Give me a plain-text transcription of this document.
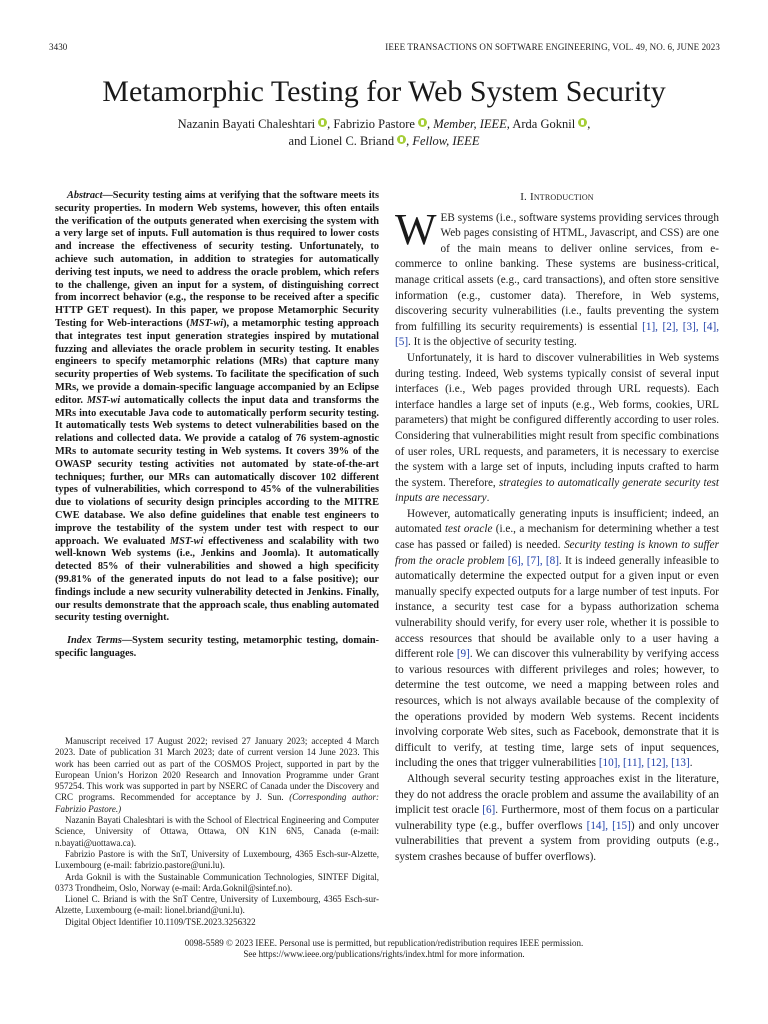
3430	IEEE TRANSACTIONS ON SOFTWARE ENGINEERING, VOL. 49, NO. 6, JUNE 2023
Metamorphic Testing for Web System Security
Nazanin Bayati Chaleshtari , Fabrizio Pastore , Member, IEEE, Arda Goknil ,
and Lionel C. Briand , Fellow, IEEE

Abstract—Security testing aims at verifying that the software meets its security properties. In modern Web systems, however, this often entails the verification of the outputs generated when exercising the system with a very large set of inputs. Full automation is thus required to lower costs and increase the effectiveness of security testing. Unfortunately, to achieve such automation, in addition to strategies for automatically deriving test inputs, we need to address the oracle problem, which refers to the challenge, given an input for a system, of distinguishing correct from incorrect behavior (e.g., the response to be received after a specific HTTP GET request). In this paper, we propose Metamorphic Security Testing for Web-interactions (MST-wi), a metamorphic testing approach that integrates test input generation strategies inspired by mutational fuzzing and alleviates the oracle problem in security testing. It enables engineers to specify metamorphic relations (MRs) that capture many security properties of Web systems. To facilitate the specification of such MRs, we provide a domain-specific language accompanied by an Eclipse editor. MST-wi automatically collects the input data and transforms the MRs into executable Java code to automatically perform security testing. It automatically tests Web systems to detect vulnerabilities based on the relations and collected data. We provide a catalog of 76 system-agnostic MRs to automate security testing in Web systems. It covers 39% of the OWASP security testing activities not automated by state-of-the-art techniques; further, our MRs can automatically discover 102 different types of vulnerabilities, which correspond to 45% of the vulnerabilities due to violations of security design principles according to the MITRE CWE database. We also define guidelines that enable test engineers to improve the testability of the system under test with respect to our approach. We evaluated MST-wi effectiveness and scalability with two well-known Web systems (i.e., Jenkins and Joomla). It automatically detected 85% of their vulnerabilities and showed a high specificity (99.81% of the generated inputs do not lead to a false positive); our findings include a new security vulnerability detected in Jenkins. Finally, our results demonstrate that the approach scale, thus enabling automated security testing overnight.

Index Terms—System security testing, metamorphic testing, domain-specific languages.

Manuscript received 17 August 2022; revised 27 January 2023; accepted 4 March 2023. Date of publication 31 March 2023; date of current version 14 June 2023. This work has been carried out as part of the COSMOS Project, supported in part by the European Union’s Horizon 2020 Research and Innovation Programme under Grant 957254. This work was supported in part by NSERC of Canada under the Discovery and CRC programs. Recommended for acceptance by J. Sun. (Corresponding author: Fabrizio Pastore.)

Nazanin Bayati Chaleshtari is with the School of Electrical Engineering and Computer Science, University of Ottawa, Ottawa, ON K1N 6N5, Canada (e-mail: n.bayati@uottawa.ca).

Fabrizio Pastore is with the SnT, University of Luxembourg, 4365 Esch-sur-Alzette, Luxembourg (e-mail: fabrizio.pastore@uni.lu).

Arda Goknil is with the Sustainable Communication Technologies, SINTEF Digital, 0373 Trondheim, Oslo, Norway (e-mail: Arda.Goknil@sintef.no).

Lionel C. Briand is with the SnT Centre, University of Luxembourg, 4365 Esch-sur-Alzette, Luxembourg (e-mail: lionel.briand@uni.lu).

Digital Object Identifier 10.1109/TSE.2023.3256322

I. Introduction

WEB systems (i.e., software systems providing services through Web pages consisting of HTML, Javascript, and CSS) are one of the main means to deliver online services, from e-commerce to online banking. These systems are business-critical, manage critical assets (e.g., card transactions), and often store sensitive information (e.g., customer data). Therefore, in Web systems, discovering security vulnerabilities (i.e., faults preventing the system from fulfilling its security requirements) is essential [1], [2], [3], [4], [5]. It is the objective of security testing.

Unfortunately, it is hard to discover vulnerabilities in Web systems during testing. Indeed, Web systems typically consist of several input interfaces (i.e., Web pages provided through URL requests). Each interface handles a large set of inputs (e.g., Web forms, cookies, URL parameters) that might be configured differently according to user roles. Considering that vulnerabilities might result from specific combinations of user roles, URL requests, and parameters, it is necessary to exercise the system with a large set of inputs, including inputs crafted to harm the system. Therefore, strategies to automatically generate security test inputs are necessary.

However, automatically generating inputs is insufficient; indeed, an automated test oracle (i.e., a mechanism for determining whether a test case has passed or failed) is needed. Security testing is known to suffer from the oracle problem [6], [7], [8]. It is indeed generally infeasible to automatically determine the expected output for a given input or even manually specify expected outputs for a large number of test inputs. For instance, a security test case for a bypass authorization schema vulnerability should verify, for every user role, whether it is possible to access resources that should be available only to a user having a different role [9]. We can discover this vulnerability by verifying access to various resources with different privileges and roles; however, to determine the test outcome, we need a mapping between roles and resources, which is not always available because of the complexity of the operations provided by modern Web systems. Recent incidents involving corporate Web sites, such as Facebook, demonstrate that it is difficult to verify, at testing time, large sets of input sequences, including the ones that trigger vulnerabilities [10], [11], [12], [13].

Although several security testing approaches exist in the literature, they do not address the oracle problem and assume the availability of an implicit test oracle [6]. Furthermore, most of them focus on a particular vulnerability type (e.g., buffer overflows [14], [15]) and only uncover vulnerabilities that prevent a system from providing outputs (e.g., system crashes because of buffer overflows).

0098-5589 © 2023 IEEE. Personal use is permitted, but republication/redistribution requires IEEE permission.
See https://www.ieee.org/publications/rights/index.html for more information.
